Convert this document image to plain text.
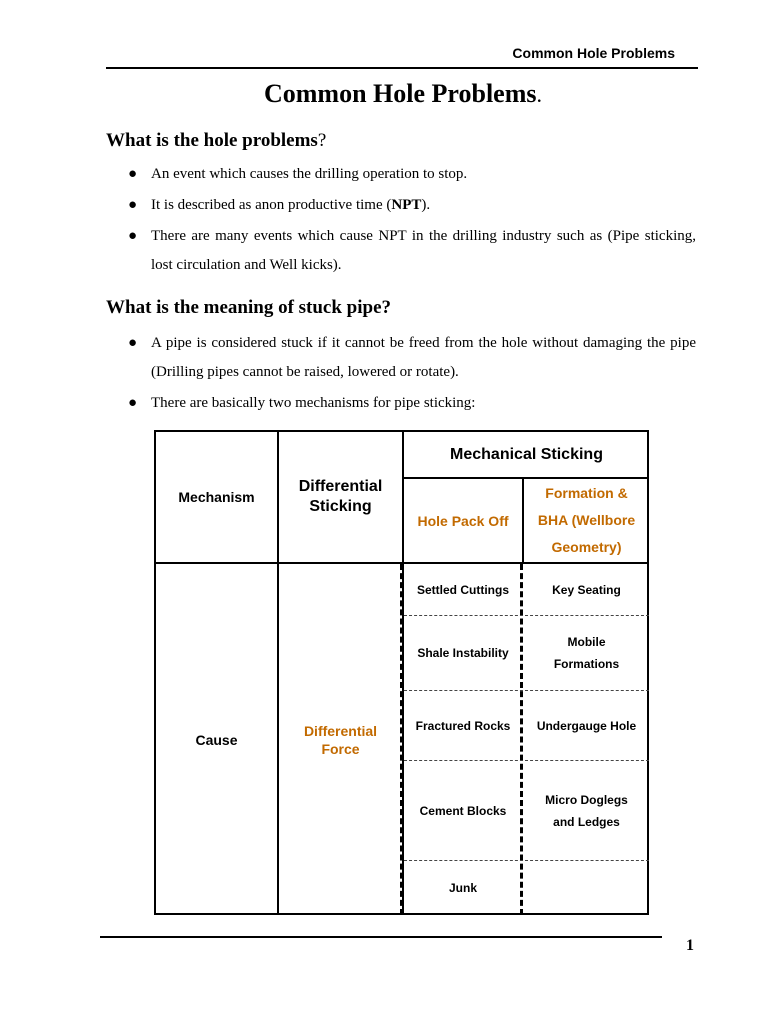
Common Hole Problems
Common Hole Problems.
What is the hole problems?
● An event which causes the drilling operation to stop.
● It is described as anon productive time (NPT).
● There are many events which cause NPT in the drilling industry such as (Pipe sticking, lost circulation and Well kicks).
What is the meaning of stuck pipe?
● A pipe is considered stuck if it cannot be freed from the hole without damaging the pipe (Drilling pipes cannot be raised, lowered or rotate).
● There are basically two mechanisms for pipe sticking:
Mechanism
Differential Sticking
Mechanical Sticking
Hole Pack Off
Formation & BHA (Wellbore Geometry)
Cause
Differential Force
Settled Cuttings
Shale Instability
Fractured Rocks
Cement Blocks
Junk
Key Seating
Mobile Formations
Undergauge Hole
Micro Doglegs and Ledges
1
